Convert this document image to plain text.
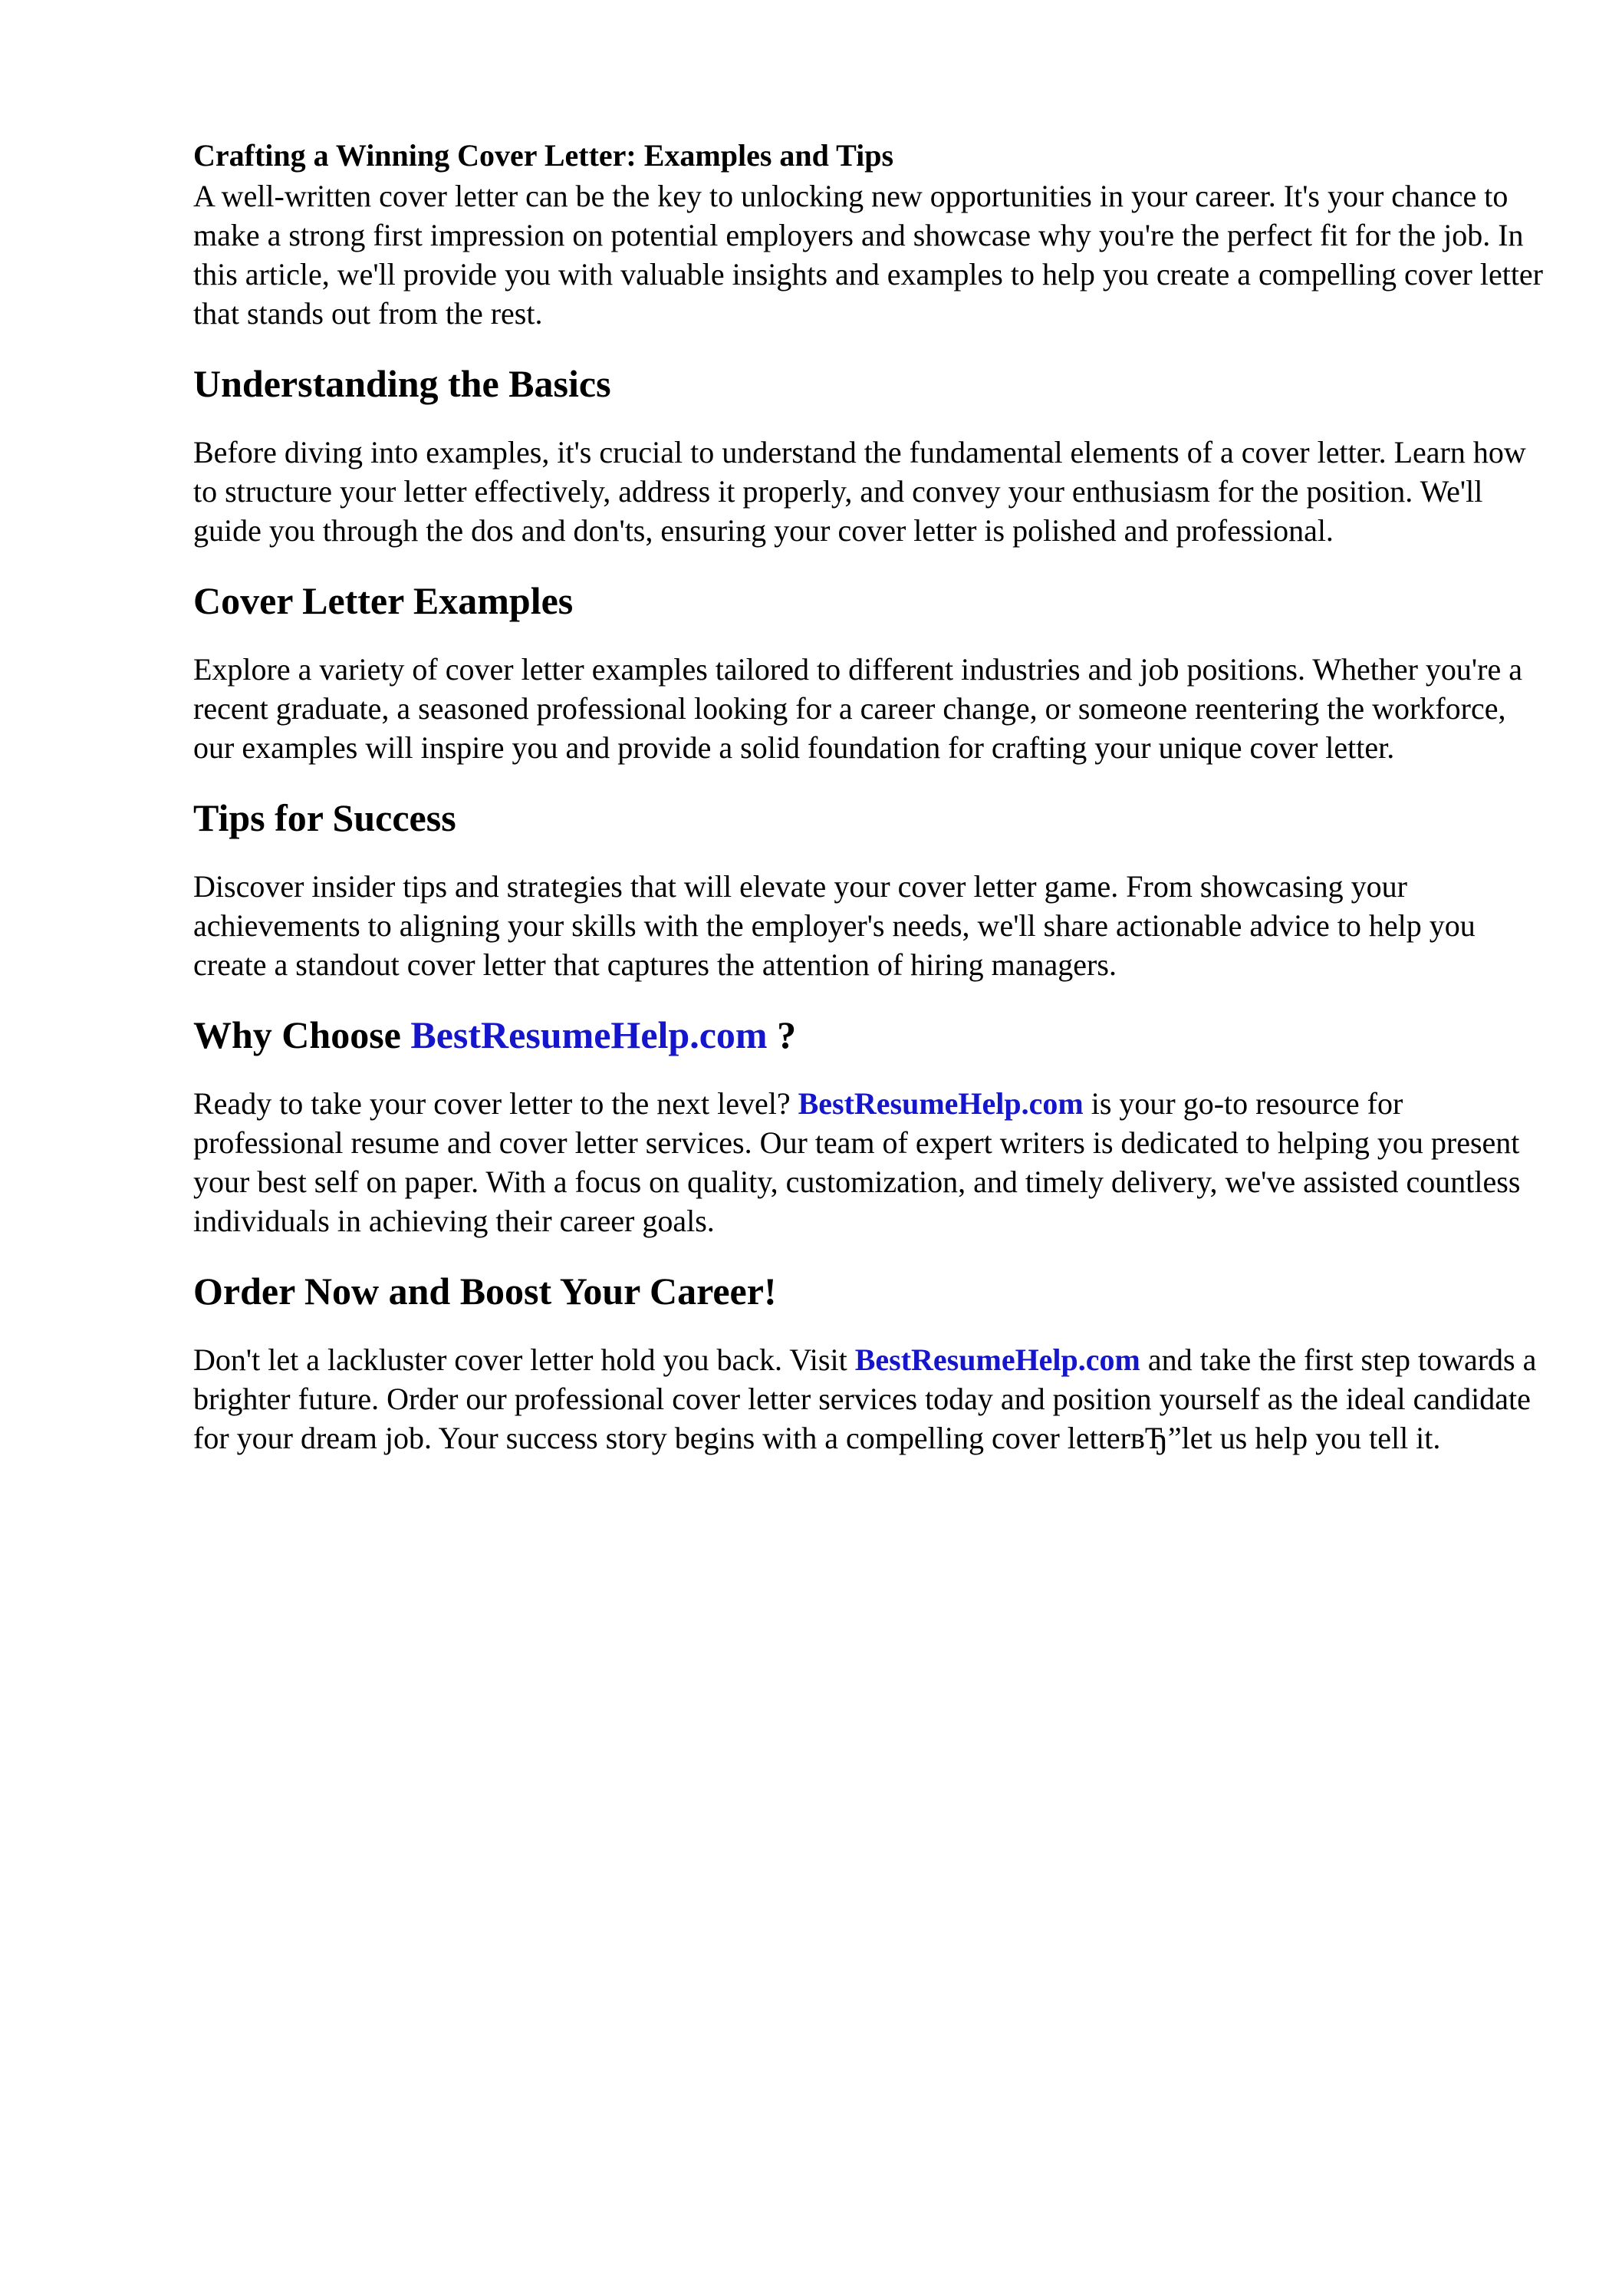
Crafting a Winning Cover Letter: Examples and Tips

A well-written cover letter can be the key to unlocking new opportunities in your career. It's your chance to make a strong first impression on potential employers and showcase why you're the perfect fit for the job. In this article, we'll provide you with valuable insights and examples to help you create a compelling cover letter that stands out from the rest.

Understanding the Basics

Before diving into examples, it's crucial to understand the fundamental elements of a cover letter. Learn how to structure your letter effectively, address it properly, and convey your enthusiasm for the position. We'll guide you through the dos and don'ts, ensuring your cover letter is polished and professional.

Cover Letter Examples

Explore a variety of cover letter examples tailored to different industries and job positions. Whether you're a recent graduate, a seasoned professional looking for a career change, or someone reentering the workforce, our examples will inspire you and provide a solid foundation for crafting your unique cover letter.

Tips for Success

Discover insider tips and strategies that will elevate your cover letter game. From showcasing your achievements to aligning your skills with the employer's needs, we'll share actionable advice to help you create a standout cover letter that captures the attention of hiring managers.

Why Choose BestResumeHelp.com ?

Ready to take your cover letter to the next level? BestResumeHelp.com is your go-to resource for professional resume and cover letter services. Our team of expert writers is dedicated to helping you present your best self on paper. With a focus on quality, customization, and timely delivery, we've assisted countless individuals in achieving their career goals.

Order Now and Boost Your Career!

Don't let a lackluster cover letter hold you back. Visit BestResumeHelp.com and take the first step towards a brighter future. Order our professional cover letter services today and position yourself as the ideal candidate for your dream job. Your success story begins with a compelling cover letterвЂ”let us help you tell it.
